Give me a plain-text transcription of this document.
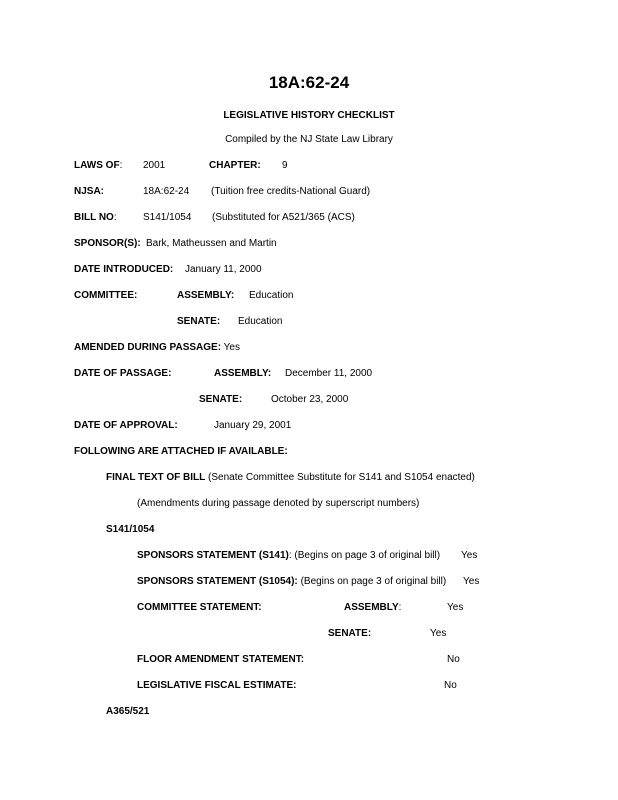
18A:62-24
LEGISLATIVE HISTORY CHECKLIST
Compiled by the NJ State Law Library
LAWS OF: 2001	CHAPTER: 9
NJSA:	18A:62-24 (Tuition free credits-National Guard)
BILL NO:	S141/1054 (Substituted for A521/365 (ACS)
SPONSOR(S): Bark, Matheussen and Martin
DATE INTRODUCED: January 11, 2000
COMMITTEE:	ASSEMBLY: Education
SENATE: Education
AMENDED DURING PASSAGE: Yes
DATE OF PASSAGE:	ASSEMBLY: December 11, 2000
SENATE:	October 23, 2000
DATE OF APPROVAL:	January 29, 2001
FOLLOWING ARE ATTACHED IF AVAILABLE:
FINAL TEXT OF BILL (Senate Committee Substitute for S141 and S1054 enacted)
(Amendments during passage denoted by superscript numbers)
S141/1054
SPONSORS STATEMENT (S141): (Begins on page 3 of original bill) Yes
SPONSORS STATEMENT (S1054): (Begins on page 3 of original bill) Yes
COMMITTEE STATEMENT:	ASSEMBLY:	Yes
SENATE:	Yes
FLOOR AMENDMENT STATEMENT:	No
LEGISLATIVE FISCAL ESTIMATE:	No
A365/521
